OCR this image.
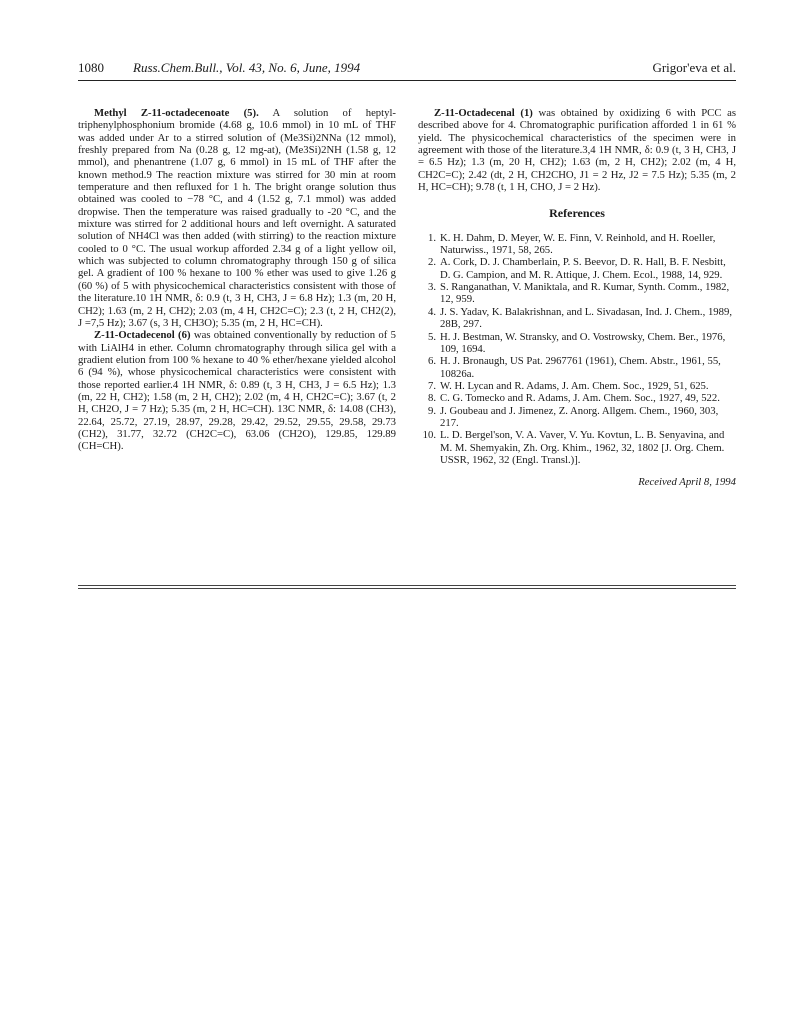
1080 Russ.Chem.Bull., Vol. 43, No. 6, June, 1994	Grigor'eva et al.

Methyl Z-11-octadecenoate (5). A solution of heptyl-triphenylphosphonium bromide (4.68 g, 10.6 mmol) in 10 mL of THF was added under Ar to a stirred solution of (Me3Si)2NNa (12 mmol), freshly prepared from Na (0.28 g, 12 mg-at), (Me3Si)2NH (1.58 g, 12 mmol), and phenantrene (1.07 g, 6 mmol) in 15 mL of THF after the known method.9 The reaction mixture was stirred for 30 min at room temperature and then refluxed for 1 h. The bright orange solution thus obtained was cooled to −78 °C, and 4 (1.52 g, 7.1 mmol) was added dropwise. Then the temperature was raised gradually to -20 °C, and the mixture was stirred for 2 additional hours and left overnight. A saturated solution of NH4Cl was then added (with stirring) to the reaction mixture cooled to 0 °C. The usual workup afforded 2.34 g of a light yellow oil, which was subjected to column chromatography through 150 g of silica gel. A gradient of 100 % hexane to 100 % ether was used to give 1.26 g (60 %) of 5 with physicochemical characteristics consistent with those of the literature.10 1H NMR, δ: 0.9 (t, 3 H, CH3, J = 6.8 Hz); 1.3 (m, 20 H, CH2); 1.63 (m, 2 H, CH2); 2.03 (m, 4 H, CH2C=C); 2.3 (t, 2 H, CH2(2), J =7,5 Hz); 3.67 (s, 3 H, CH3O); 5.35 (m, 2 H, HC=CH).

Z-11-Octadecenol (6) was obtained conventionally by reduction of 5 with LiAlH4 in ether. Column chromatography through silica gel with a gradient elution from 100 % hexane to 40 % ether/hexane yielded alcohol 6 (94 %), whose physicochemical characteristics were consistent with those reported earlier.4 1H NMR, δ: 0.89 (t, 3 H, CH3, J = 6.5 Hz); 1.3 (m, 22 H, CH2); 1.58 (m, 2 H, CH2); 2.02 (m, 4 H, CH2C=C); 3.67 (t, 2 H, CH2O, J = 7 Hz); 5.35 (m, 2 H, HC=CH). 13C NMR, δ: 14.08 (CH3), 22.64, 25.72, 27.19, 28.97, 29.28, 29.42, 29.52, 29.55, 29.58, 29.73 (CH2), 31.77, 32.72 (CH2C=C), 63.06 (CH2O), 129.85, 129.89 (CH=CH).

Z-11-Octadecenal (1) was obtained by oxidizing 6 with PCC as described above for 4. Chromatographic purification afforded 1 in 61 % yield. The physicochemical characteristics of the specimen were in agreement with those of the literature.3,4 1H NMR, δ: 0.9 (t, 3 H, CH3, J = 6.5 Hz); 1.3 (m, 20 H, CH2); 1.63 (m, 2 H, CH2); 2.02 (m, 4 H, CH2C=C); 2.42 (dt, 2 H, CH2CHO, J1 = 2 Hz, J2 = 7.5 Hz); 5.35 (m, 2 H, HC=CH); 9.78 (t, 1 H, CHO, J = 2 Hz).

References
1. K. H. Dahm, D. Meyer, W. E. Finn, V. Reinhold, and H. Roeller, Naturwiss., 1971, 58, 265.
2. A. Cork, D. J. Chamberlain, P. S. Beevor, D. R. Hall, B. F. Nesbitt, D. G. Campion, and M. R. Attique, J. Chem. Ecol., 1988, 14, 929.
3. S. Ranganathan, V. Maniktala, and R. Kumar, Synth. Comm., 1982, 12, 959.
4. J. S. Yadav, K. Balakrishnan, and L. Sivadasan, Ind. J. Chem., 1989, 28B, 297.
5. H. J. Bestman, W. Stransky, and O. Vostrowsky, Chem. Ber., 1976, 109, 1694.
6. H. J. Bronaugh, US Pat. 2967761 (1961), Chem. Abstr., 1961, 55, 10826a.
7. W. H. Lycan and R. Adams, J. Am. Chem. Soc., 1929, 51, 625.
8. C. G. Tomecko and R. Adams, J. Am. Chem. Soc., 1927, 49, 522.
9. J. Goubeau and J. Jimenez, Z. Anorg. Allgem. Chem., 1960, 303, 217.
10. L. D. Bergel'son, V. A. Vaver, V. Yu. Kovtun, L. B. Senyavina, and M. M. Shemyakin, Zh. Org. Khim., 1962, 32, 1802 [J. Org. Chem. USSR, 1962, 32 (Engl. Transl.)].
Received April 8, 1994
